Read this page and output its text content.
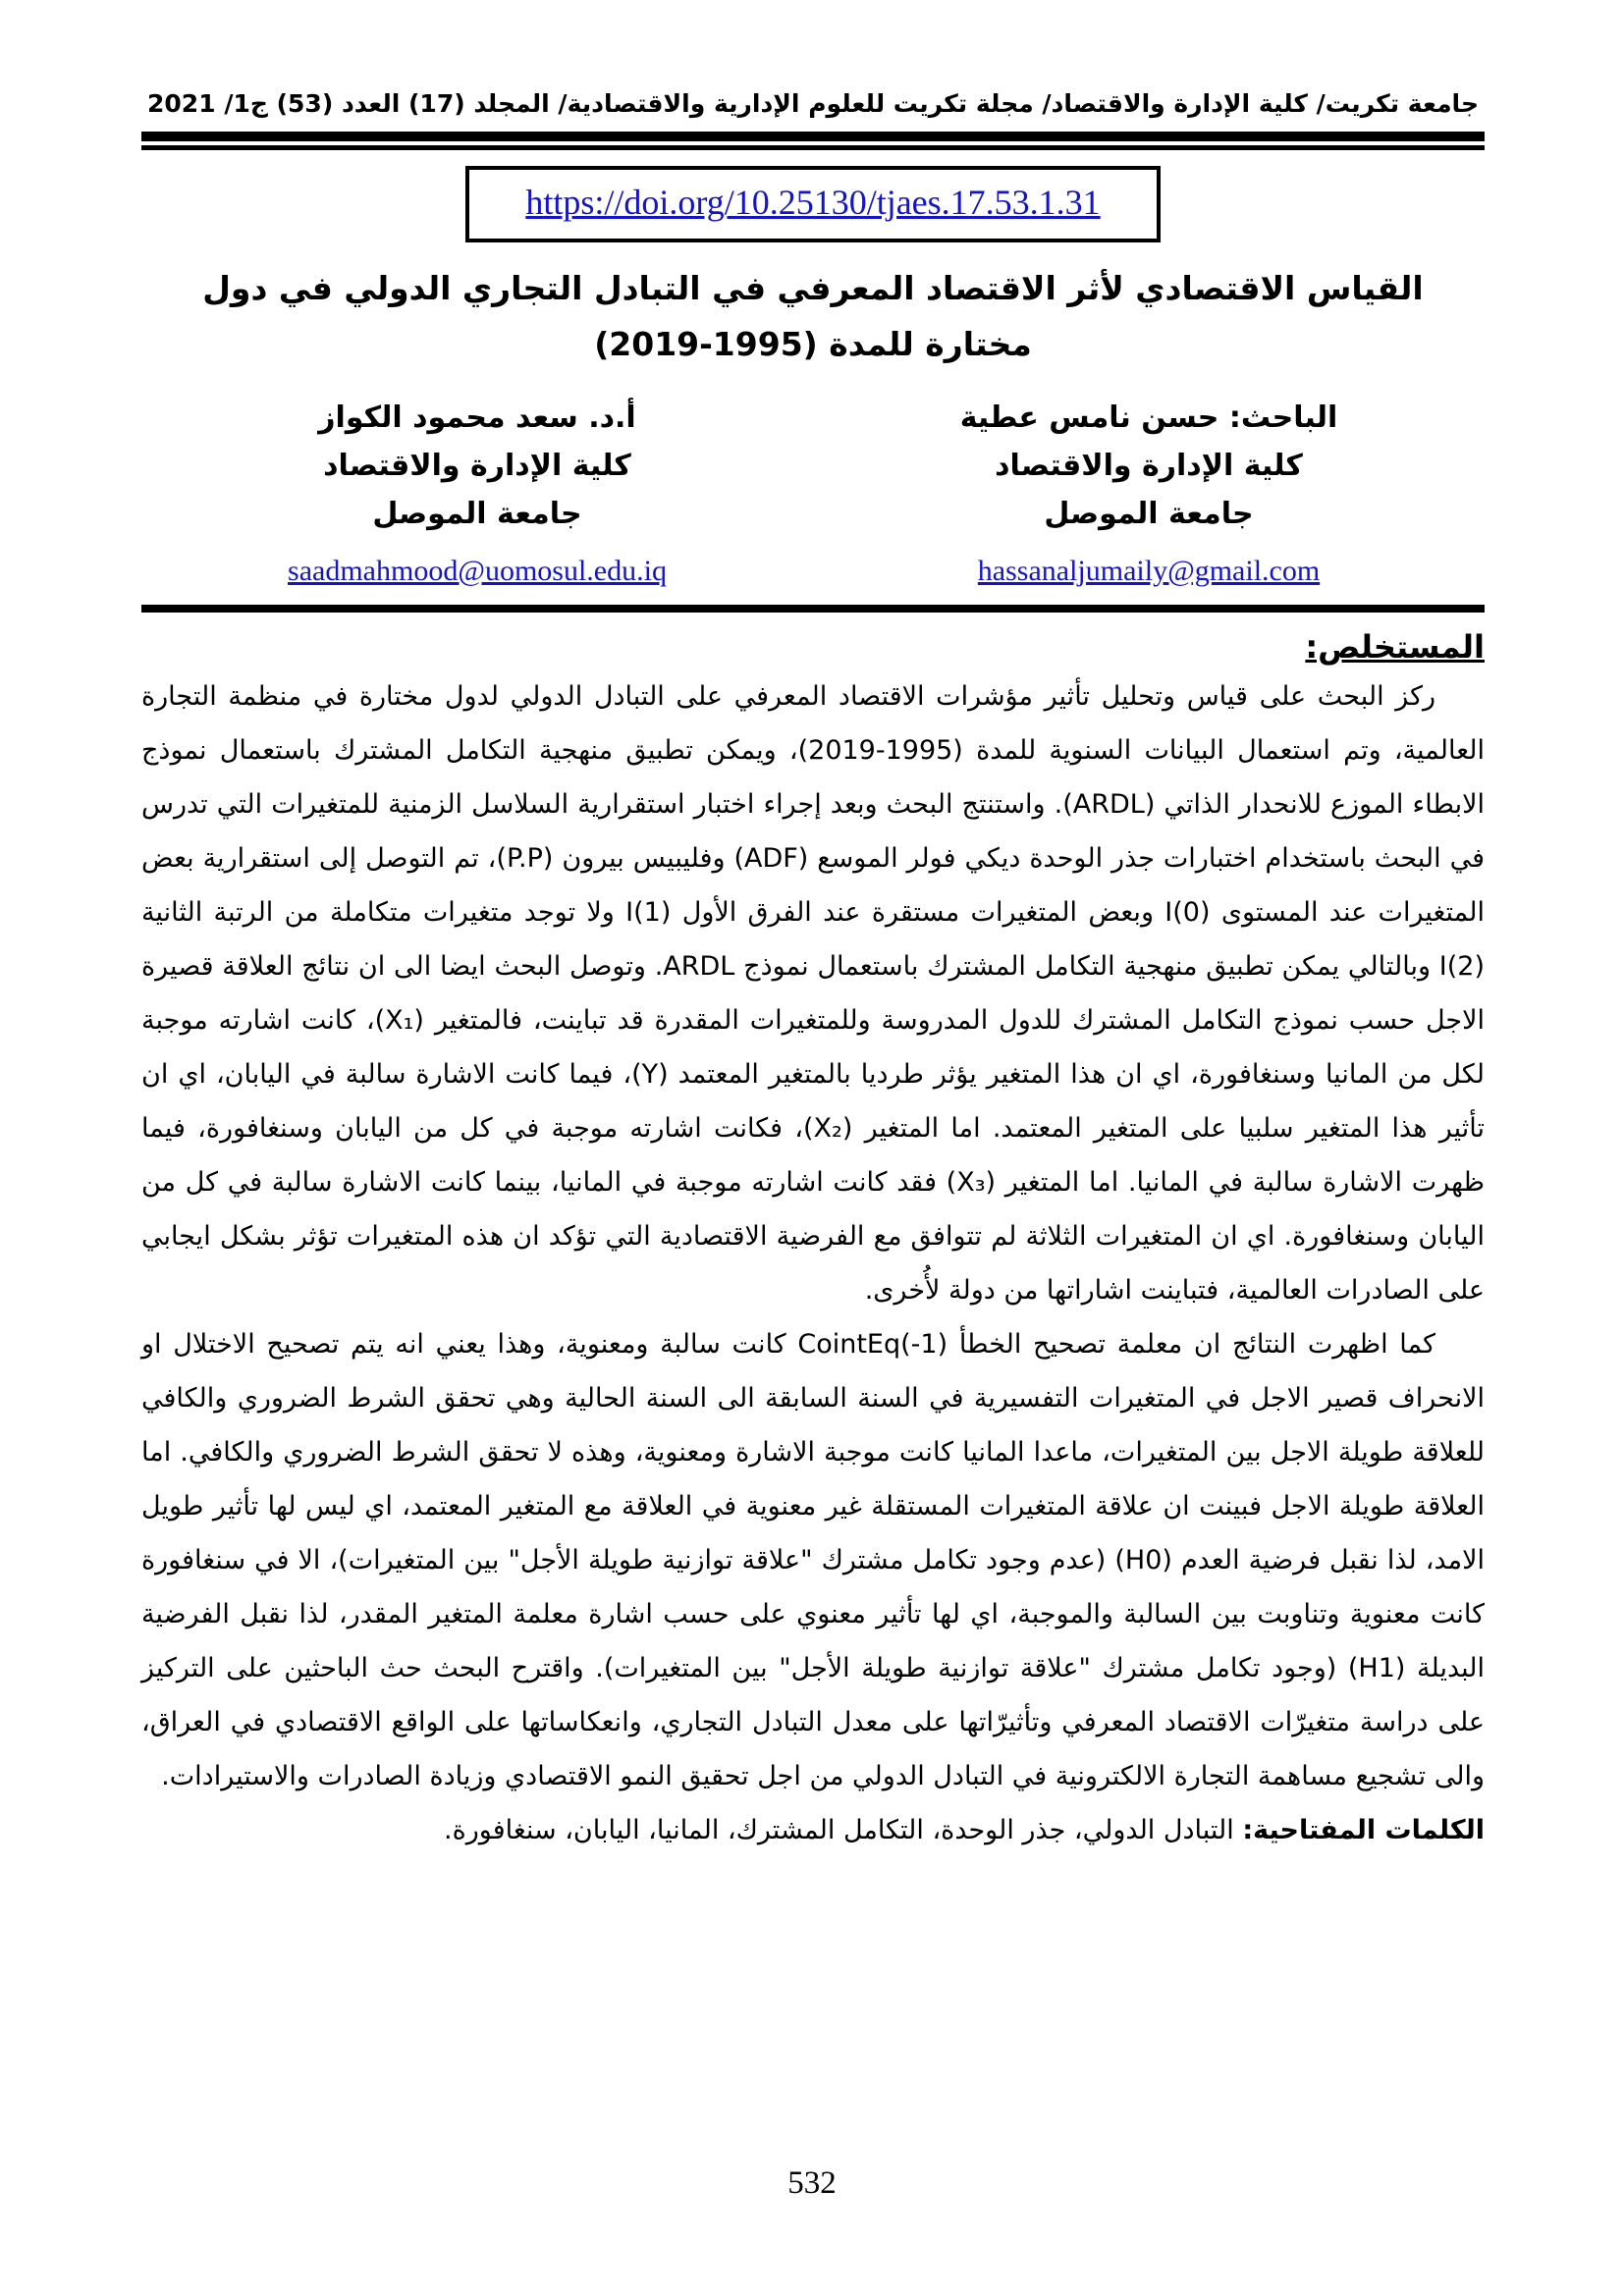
جامعة تكريت/ كلية الإدارة والاقتصاد/ مجلة تكريت للعلوم الإدارية والاقتصادية/ المجلد (17) العدد (53) ج1/ 2021
https://doi.org/10.25130/tjaes.17.53.1.31
القياس الاقتصادي لأثر الاقتصاد المعرفي في التبادل التجاري الدولي في دول
مختارة للمدة ‎(2019-1995)‎
الباحث: حسن نامس عطية
كلية الإدارة والاقتصاد
جامعة الموصل
hassanaljumaily@gmail.com
أ.د. سعد محمود الكواز
كلية الإدارة والاقتصاد
جامعة الموصل
saadmahmood@uomosul.edu.iq
المستخلص:

ركز البحث على قياس وتحليل تأثير مؤشرات الاقتصاد المعرفي على التبادل الدولي لدول مختارة في منظمة التجارة العالمية، وتم استعمال البيانات السنوية للمدة ‎(2019-1995)‎، ويمكن تطبيق منهجية التكامل المشترك باستعمال نموذج الابطاء الموزع للانحدار الذاتي ‎(ARDL)‎. واستنتج البحث وبعد إجراء اختبار استقرارية السلاسل الزمنية للمتغيرات التي تدرس في البحث باستخدام اختبارات جذر الوحدة ديكي فولر الموسع ‎(ADF)‎ وفليبيس بيرون ‎(P.P)‎، تم التوصل إلى استقرارية بعض المتغيرات عند المستوى ‎I(0)‎ وبعض المتغيرات مستقرة عند الفرق الأول ‎I(1)‎ ولا توجد متغيرات متكاملة من الرتبة الثانية ‎I(2)‎ وبالتالي يمكن تطبيق منهجية التكامل المشترك باستعمال نموذج ‎ARDL‎. وتوصل البحث ايضا الى ان نتائج العلاقة قصيرة الاجل حسب نموذج التكامل المشترك للدول المدروسة وللمتغيرات المقدرة قد تباينت، فالمتغير ‎(X₁)‎، كانت اشارته موجبة لكل من المانيا وسنغافورة، اي ان هذا المتغير يؤثر طرديا بالمتغير المعتمد ‎(Y)‎، فيما كانت الاشارة سالبة في اليابان، اي ان تأثير هذا المتغير سلبيا على المتغير المعتمد. اما المتغير ‎(X₂)‎، فكانت اشارته موجبة في كل من اليابان وسنغافورة، فيما ظهرت الاشارة سالبة في المانيا. اما المتغير ‎(X₃)‎ فقد كانت اشارته موجبة في المانيا، بينما كانت الاشارة سالبة في كل من اليابان وسنغافورة. اي ان المتغيرات الثلاثة لم تتوافق مع الفرضية الاقتصادية التي تؤكد ان هذه المتغيرات تؤثر بشكل ايجابي على الصادرات العالمية، فتباينت اشاراتها من دولة لأُخرى.

كما اظهرت النتائج ان معلمة تصحيح الخطأ ‎CointEq(-1)‎ كانت سالبة ومعنوية، وهذا يعني انه يتم تصحيح الاختلال او الانحراف قصير الاجل في المتغيرات التفسيرية في السنة السابقة الى السنة الحالية وهي تحقق الشرط الضروري والكافي للعلاقة طويلة الاجل بين المتغيرات، ماعدا المانيا كانت موجبة الاشارة ومعنوية، وهذه لا تحقق الشرط الضروري والكافي. اما العلاقة طويلة الاجل فبينت ان علاقة المتغيرات المستقلة غير معنوية في العلاقة مع المتغير المعتمد، اي ليس لها تأثير طويل الامد، لذا نقبل فرضية العدم ‎(H0)‎ (عدم وجود تكامل مشترك "علاقة توازنية طويلة الأجل" بين المتغيرات)، الا في سنغافورة كانت معنوية وتناوبت بين السالبة والموجبة، اي لها تأثير معنوي على حسب اشارة معلمة المتغير المقدر، لذا نقبل الفرضية البديلة ‎(H1)‎ (وجود تكامل مشترك "علاقة توازنية طويلة الأجل" بين المتغيرات). واقترح البحث حث الباحثين على التركيز على دراسة متغيرّات الاقتصاد المعرفي وتأثيرّاتها على معدل التبادل التجاري، وانعكاساتها على الواقع الاقتصادي في العراق، والى تشجيع مساهمة التجارة الالكترونية في التبادل الدولي من اجل تحقيق النمو الاقتصادي وزيادة الصادرات والاستيرادات.

الكلمات المفتاحية: التبادل الدولي، جذر الوحدة، التكامل المشترك، المانيا، اليابان، سنغافورة.

532
